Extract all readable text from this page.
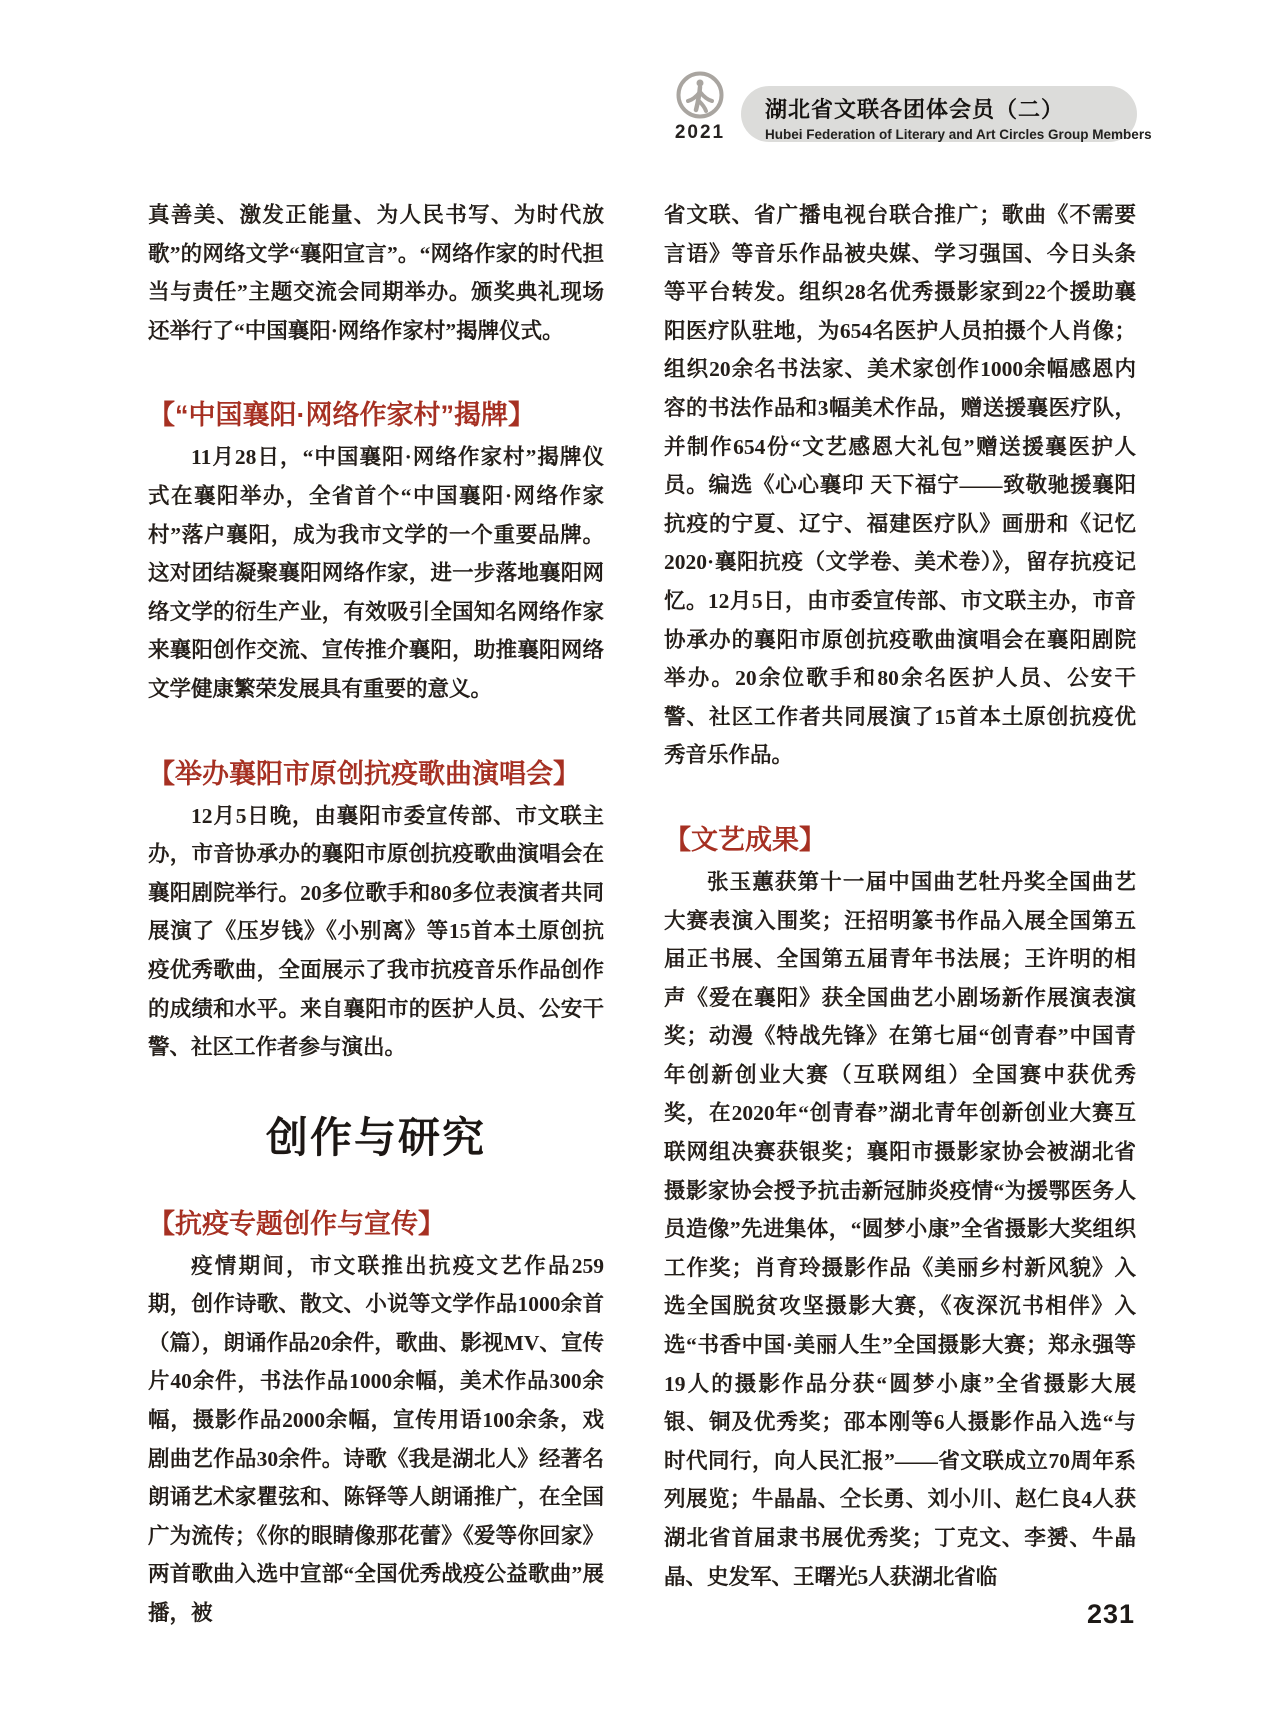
2021
湖北省文联各团体会员（二）
Hubei Federation of Literary and Art Circles Group Members

真善美、激发正能量、为人民书写、为时代放歌”的网络文学“襄阳宣言”。“网络作家的时代担当与责任”主题交流会同期举办。颁奖典礼现场还举行了“中国襄阳·网络作家村”揭牌仪式。

【“中国襄阳·网络作家村”揭牌】

11月28日，“中国襄阳·网络作家村”揭牌仪式在襄阳举办，全省首个“中国襄阳·网络作家村”落户襄阳，成为我市文学的一个重要品牌。这对团结凝聚襄阳网络作家，进一步落地襄阳网络文学的衍生产业，有效吸引全国知名网络作家来襄阳创作交流、宣传推介襄阳，助推襄阳网络文学健康繁荣发展具有重要的意义。

【举办襄阳市原创抗疫歌曲演唱会】

12月5日晚，由襄阳市委宣传部、市文联主办，市音协承办的襄阳市原创抗疫歌曲演唱会在襄阳剧院举行。20多位歌手和80多位表演者共同展演了《压岁钱》《小别离》等15首本土原创抗疫优秀歌曲，全面展示了我市抗疫音乐作品创作的成绩和水平。来自襄阳市的医护人员、公安干警、社区工作者参与演出。

创作与研究
【抗疫专题创作与宣传】

疫情期间，市文联推出抗疫文艺作品259期，创作诗歌、散文、小说等文学作品1000余首（篇），朗诵作品20余件，歌曲、影视MV、宣传片40余件，书法作品1000余幅，美术作品300余幅，摄影作品2000余幅，宣传用语100余条，戏剧曲艺作品30余件。诗歌《我是湖北人》经著名朗诵艺术家瞿弦和、陈铎等人朗诵推广，在全国广为流传；《你的眼睛像那花蕾》《爱等你回家》两首歌曲入选中宣部“全国优秀战疫公益歌曲”展播，被

省文联、省广播电视台联合推广；歌曲《不需要言语》等音乐作品被央媒、学习强国、今日头条等平台转发。组织28名优秀摄影家到22个援助襄阳医疗队驻地，为654名医护人员拍摄个人肖像；组织20余名书法家、美术家创作1000余幅感恩内容的书法作品和3幅美术作品，赠送援襄医疗队，并制作654份“文艺感恩大礼包”赠送援襄医护人员。编选《心心襄印 天下福宁——致敬驰援襄阳抗疫的宁夏、辽宁、福建医疗队》画册和《记忆2020·襄阳抗疫（文学卷、美术卷）》，留存抗疫记忆。12月5日，由市委宣传部、市文联主办，市音协承办的襄阳市原创抗疫歌曲演唱会在襄阳剧院举办。20余位歌手和80余名医护人员、公安干警、社区工作者共同展演了15首本土原创抗疫优秀音乐作品。

【文艺成果】

张玉蕙获第十一届中国曲艺牡丹奖全国曲艺大赛表演入围奖；汪招明篆书作品入展全国第五届正书展、全国第五届青年书法展；王许明的相声《爱在襄阳》获全国曲艺小剧场新作展演表演奖；动漫《特战先锋》在第七届“创青春”中国青年创新创业大赛（互联网组）全国赛中获优秀奖，在2020年“创青春”湖北青年创新创业大赛互联网组决赛获银奖；襄阳市摄影家协会被湖北省摄影家协会授予抗击新冠肺炎疫情“为援鄂医务人员造像”先进集体，“圆梦小康”全省摄影大奖组织工作奖；肖育玲摄影作品《美丽乡村新风貌》入选全国脱贫攻坚摄影大赛，《夜深沉书相伴》入选“书香中国·美丽人生”全国摄影大赛；郑永强等19人的摄影作品分获“圆梦小康”全省摄影大展银、铜及优秀奖；邵本刚等6人摄影作品入选“与时代同行，向人民汇报”——省文联成立70周年系列展览；牛晶晶、仝长勇、刘小川、赵仁良4人获湖北省首届隶书展优秀奖；丁克文、李赟、牛晶晶、史发军、王曙光5人获湖北省临

231
